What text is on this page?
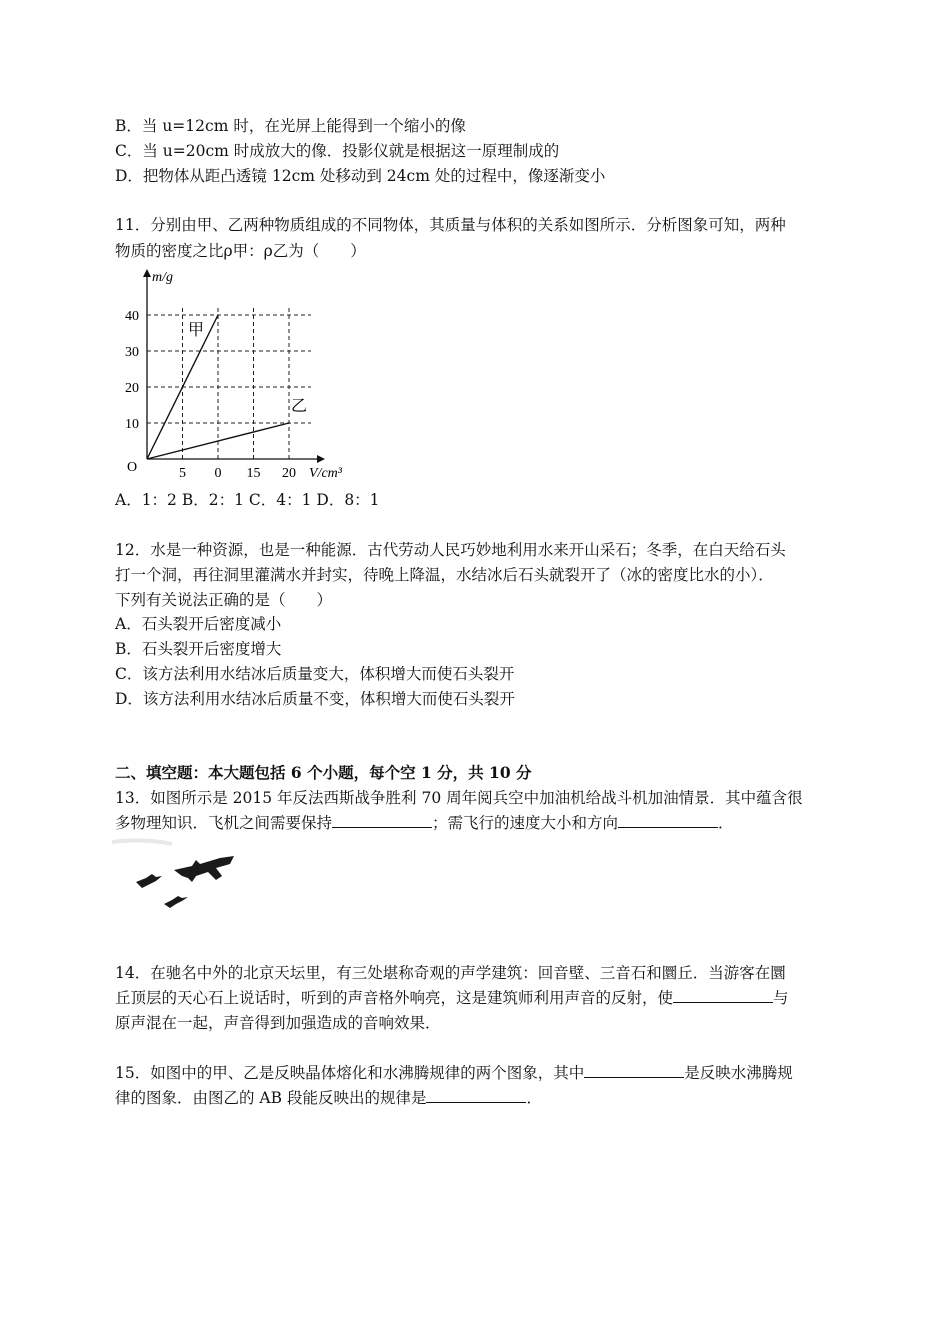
B．当 u=12cm 时，在光屏上能得到一个缩小的像
C．当 u=20cm 时成放大的像．投影仪就是根据这一原理制成的
D．把物体从距凸透镜 12cm 处移动到 24cm 处的过程中，像逐渐变小
11．分别由甲、乙两种物质组成的不同物体，其质量与体积的关系如图所示．分析图象可知，两种
物质的密度之比ρ甲：ρ乙为（　　）
10
20
30
40
5 0 15 20
m/g
V/cm³
O
甲
乙
A．1：2 B．2：1 C．4：1 D．8：1
12．水是一种资源，也是一种能源．古代劳动人民巧妙地利用水来开山采石；冬季，在白天给石头
打一个洞，再往洞里灌满水并封实，待晚上降温，水结冰后石头就裂开了（冰的密度比水的小）．
下列有关说法正确的是（　　）
A．石头裂开后密度减小
B．石头裂开后密度增大
C．该方法利用水结冰后质量变大，体积增大而使石头裂开
D．该方法利用水结冰后质量不变，体积增大而使石头裂开
二、填空题：本大题包括 6 个小题，每个空 1 分，共 10 分
13．如图所示是 2015 年反法西斯战争胜利 70 周年阅兵空中加油机给战斗机加油情景．其中蕴含很
多物理知识．飞机之间需要保持	；需飞行的速度大小和方向	．
14．在驰名中外的北京天坛里，有三处堪称奇观的声学建筑：回音壁、三音石和圜丘．当游客在圜
丘顶层的天心石上说话时，听到的声音格外响亮，这是建筑师利用声音的反射，使	与
原声混在一起，声音得到加强造成的音响效果．
15．如图中的甲、乙是反映晶体熔化和水沸腾规律的两个图象，其中	是反映水沸腾规
律的图象．由图乙的 AB 段能反映出的规律是	．
